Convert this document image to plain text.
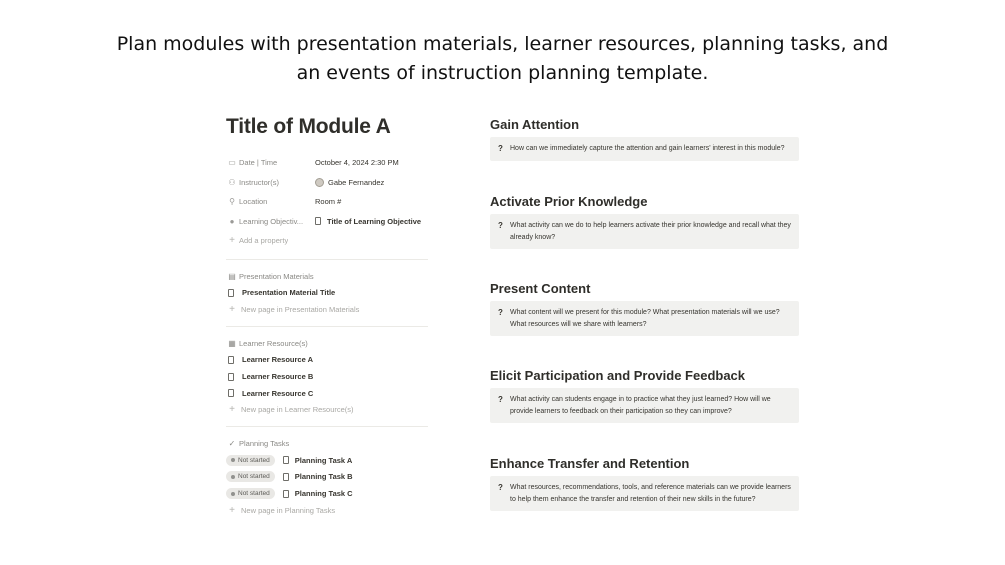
Plan modules with presentation materials, learner resources, planning tasks, and
an events of instruction planning template.
Title of Module A
▭ Date | Time	October 4, 2024 2:30 PM
⚇ Instructor(s)	Gabe Fernandez
⚲ Location	Room #
● Learning Objectiv...	Title of Learning Objective
+ Add a property
▤ Presentation Materials
Presentation Material Title
+ New page in Presentation Materials
▦ Learner Resource(s)
Learner Resource A
Learner Resource B
Learner Resource C
+ New page in Learner Resource(s)
✓ Planning Tasks
Not started	Planning Task A
Not started	Planning Task B
Not started	Planning Task C
+ New page in Planning Tasks
Gain Attention
?	How can we immediately capture the attention and gain learners' interest in this module?
Activate Prior Knowledge
?	What activity can we do to help learners activate their prior knowledge and recall what they already know?
Present Content
?	What content will we present for this module? What presentation materials will we use? What resources will we share with learners?
Elicit Participation and Provide Feedback
?	What activity can students engage in to practice what they just learned? How will we provide learners to feedback on their participation so they can improve?
Enhance Transfer and Retention
?	What resources, recommendations, tools, and reference materials can we provide learners to help them enhance the transfer and retention of their new skills in the future?
